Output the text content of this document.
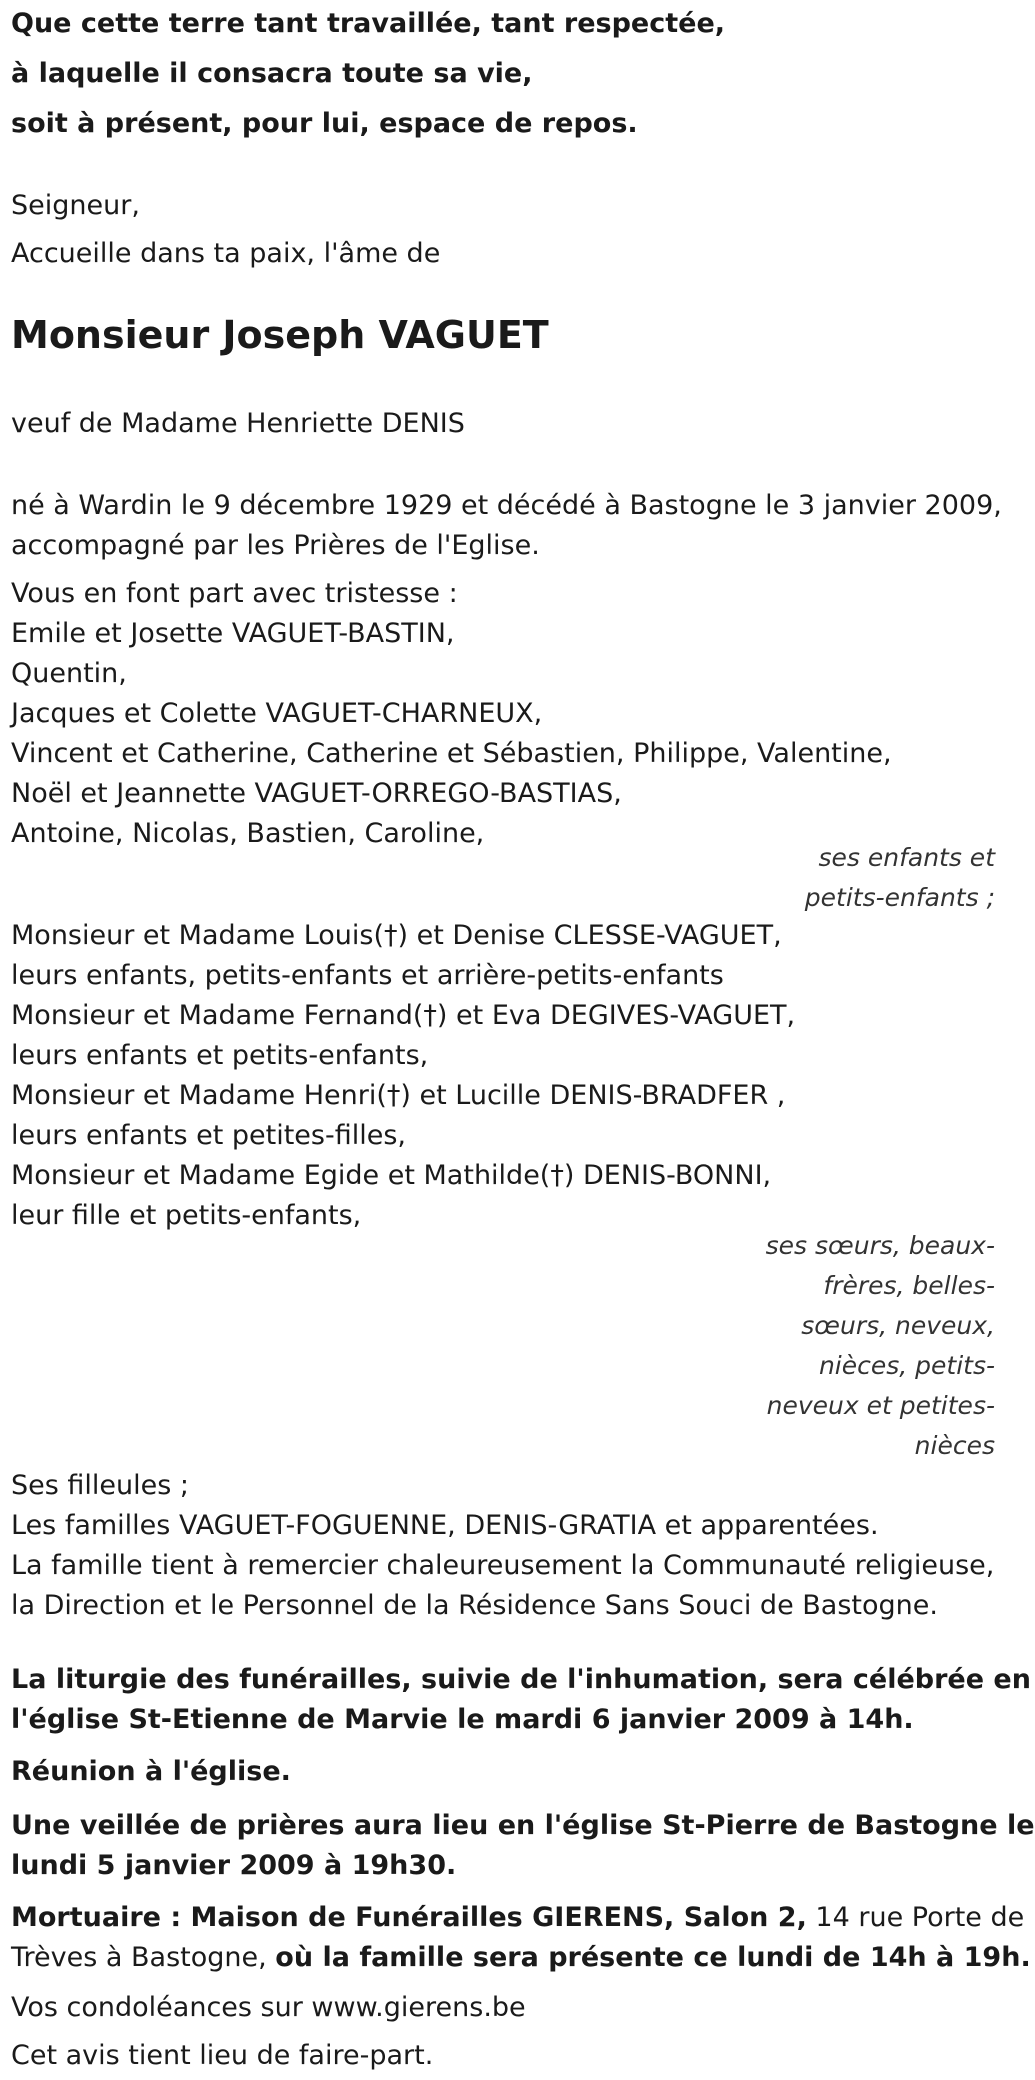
Que cette terre tant travaillée, tant respectée,
à laquelle il consacra toute sa vie,
soit à présent, pour lui, espace de repos.
Seigneur,
Accueille dans ta paix, l'âme de
Monsieur Joseph VAGUET
veuf de Madame Henriette DENIS
né à Wardin le 9 décembre 1929 et décédé à Bastogne le 3 janvier 2009,
accompagné par les Prières de l'Eglise.
Vous en font part avec tristesse :
Emile et Josette VAGUET-BASTIN,
Quentin,
Jacques et Colette VAGUET-CHARNEUX,
Vincent et Catherine, Catherine et Sébastien, Philippe, Valentine,
Noël et Jeannette VAGUET-ORREGO-BASTIAS,
Antoine, Nicolas, Bastien, Caroline,
ses enfants et
petits-enfants ;
Monsieur et Madame Louis(†) et Denise CLESSE-VAGUET,
leurs enfants, petits-enfants et arrière-petits-enfants
Monsieur et Madame Fernand(†) et Eva DEGIVES-VAGUET,
leurs enfants et petits-enfants,
Monsieur et Madame Henri(†) et Lucille DENIS-BRADFER ,
leurs enfants et petites-filles,
Monsieur et Madame Egide et Mathilde(†) DENIS-BONNI,
leur fille et petits-enfants,
ses sœurs, beaux-
frères, belles-
sœurs, neveux,
nièces, petits-
neveux et petites-
nièces
Ses filleules ;
Les familles VAGUET-FOGUENNE, DENIS-GRATIA et apparentées.
La famille tient à remercier chaleureusement la Communauté religieuse,
la Direction et le Personnel de la Résidence Sans Souci de Bastogne.
La liturgie des funérailles, suivie de l'inhumation, sera célébrée en
l'église St-Etienne de Marvie le mardi 6 janvier 2009 à 14h.
Réunion à l'église.
Une veillée de prières aura lieu en l'église St-Pierre de Bastogne le
lundi 5 janvier 2009 à 19h30.
Mortuaire : Maison de Funérailles GIERENS, Salon 2, 14 rue Porte de
Trèves à Bastogne, où la famille sera présente ce lundi de 14h à 19h.
Vos condoléances sur www.gierens.be
Cet avis tient lieu de faire-part.
